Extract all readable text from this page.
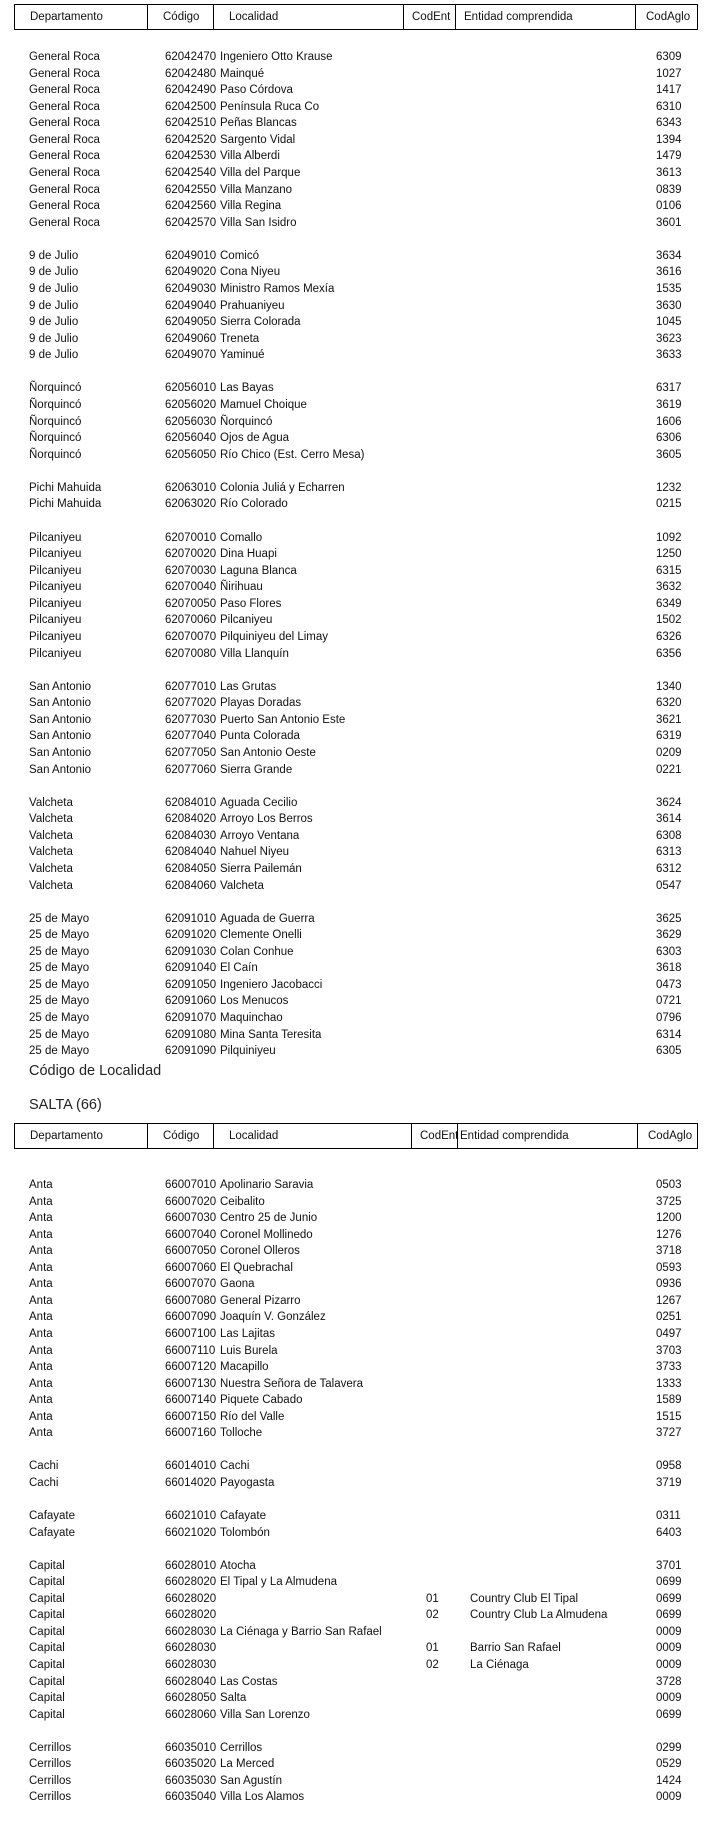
Departamento	Código	Localidad	CodEnt	Entidad comprendida	CodAglo
General Roca	62042470 Ingeniero Otto Krause	6309
General Roca	62042480 Mainqué	1027
General Roca	62042490 Paso Córdova	1417
General Roca	62042500 Península Ruca Co	6310
General Roca	62042510 Peñas Blancas	6343
General Roca	62042520 Sargento Vidal	1394
General Roca	62042530 Villa Alberdi	1479
General Roca	62042540 Villa del Parque	3613
General Roca	62042550 Villa Manzano	0839
General Roca	62042560 Villa Regina	0106
General Roca	62042570 Villa San Isidro	3601
9 de Julio	62049010 Comicó	3634
9 de Julio	62049020 Cona Niyeu	3616
9 de Julio	62049030 Ministro Ramos Mexía	1535
9 de Julio	62049040 Prahuaniyeu	3630
9 de Julio	62049050 Sierra Colorada	1045
9 de Julio	62049060 Treneta	3623
9 de Julio	62049070 Yaminué	3633
Ñorquincó	62056010 Las Bayas	6317
Ñorquincó	62056020 Mamuel Choique	3619
Ñorquincó	62056030 Ñorquincó	1606
Ñorquincó	62056040 Ojos de Agua	6306
Ñorquincó	62056050 Río Chico (Est. Cerro Mesa)	3605
Pichi Mahuida	62063010 Colonia Juliá y Echarren	1232
Pichi Mahuida	62063020 Río Colorado	0215
Pilcaniyeu	62070010 Comallo	1092
Pilcaniyeu	62070020 Dina Huapi	1250
Pilcaniyeu	62070030 Laguna Blanca	6315
Pilcaniyeu	62070040 Ñirihuau	3632
Pilcaniyeu	62070050 Paso Flores	6349
Pilcaniyeu	62070060 Pilcaniyeu	1502
Pilcaniyeu	62070070 Pilquiniyeu del Limay	6326
Pilcaniyeu	62070080 Villa Llanquín	6356
San Antonio	62077010 Las Grutas	1340
San Antonio	62077020 Playas Doradas	6320
San Antonio	62077030 Puerto San Antonio Este	3621
San Antonio	62077040 Punta Colorada	6319
San Antonio	62077050 San Antonio Oeste	0209
San Antonio	62077060 Sierra Grande	0221
Valcheta	62084010 Aguada Cecilio	3624
Valcheta	62084020 Arroyo Los Berros	3614
Valcheta	62084030 Arroyo Ventana	6308
Valcheta	62084040 Nahuel Niyeu	6313
Valcheta	62084050 Sierra Pailemán	6312
Valcheta	62084060 Valcheta	0547
25 de Mayo	62091010 Aguada de Guerra	3625
25 de Mayo	62091020 Clemente Onelli	3629
25 de Mayo	62091030 Colan Conhue	6303
25 de Mayo	62091040 El Caín	3618
25 de Mayo	62091050 Ingeniero Jacobacci	0473
25 de Mayo	62091060 Los Menucos	0721
25 de Mayo	62091070 Maquinchao	0796
25 de Mayo	62091080 Mina Santa Teresita	6314
25 de Mayo	62091090 Pilquiniyeu	6305
Código de Localidad
SALTA (66)
Departamento	Código	Localidad	CodEnt Entidad comprendida	CodAglo
Anta	66007010 Apolinario Saravia	0503
Anta	66007020 Ceibalito	3725
Anta	66007030 Centro 25 de Junio	1200
Anta	66007040 Coronel Mollinedo	1276
Anta	66007050 Coronel Olleros	3718
Anta	66007060 El Quebrachal	0593
Anta	66007070 Gaona	0936
Anta	66007080 General Pizarro	1267
Anta	66007090 Joaquín V. González	0251
Anta	66007100 Las Lajitas	0497
Anta	66007110 Luis Burela	3703
Anta	66007120 Macapillo	3733
Anta	66007130 Nuestra Señora de Talavera	1333
Anta	66007140 Piquete Cabado	1589
Anta	66007150 Río del Valle	1515
Anta	66007160 Tolloche	3727
Cachi	66014010 Cachi	0958
Cachi	66014020 Payogasta	3719
Cafayate	66021010 Cafayate	0311
Cafayate	66021020 Tolombón	6403
Capital	66028010 Atocha	3701
Capital	66028020 El Tipal y La Almudena	0699
Capital	66028020	01	Country Club El Tipal	0699
Capital	66028020	02	Country Club La Almudena	0699
Capital	66028030 La Ciénaga y Barrio San Rafael	0009
Capital	66028030	01	Barrio San Rafael	0009
Capital	66028030	02	La Ciénaga	0009
Capital	66028040 Las Costas	3728
Capital	66028050 Salta	0009
Capital	66028060 Villa San Lorenzo	0699
Cerrillos	66035010 Cerrillos	0299
Cerrillos	66035020 La Merced	0529
Cerrillos	66035030 San Agustín	1424
Cerrillos	66035040 Villa Los Alamos	0009
